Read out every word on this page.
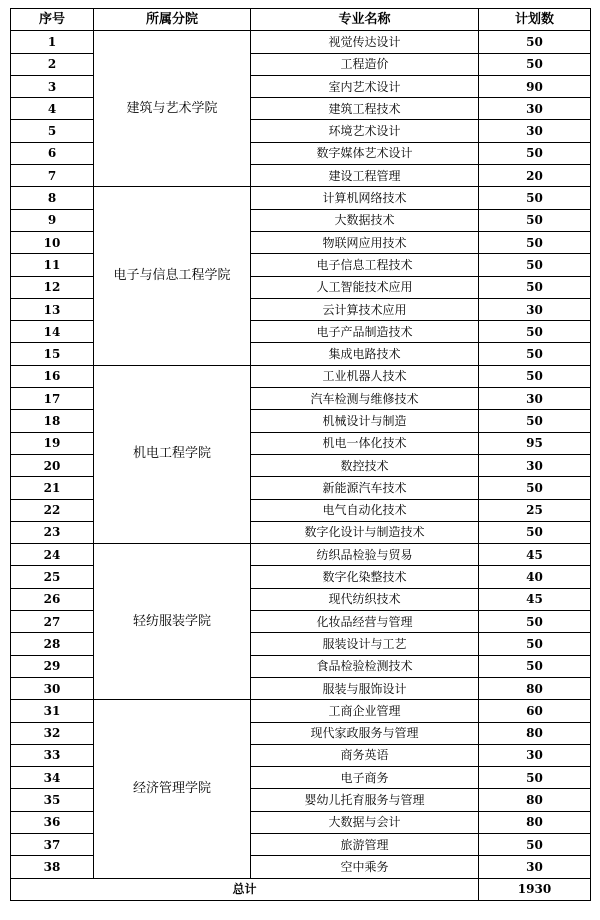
序号	所属分院	专业名称	计划数
1	建筑与艺术学院	视觉传达设计	50
2		工程造价	50
3		室内艺术设计	90
4		建筑工程技术	30
5		环境艺术设计	30
6		数字媒体艺术设计	50
7		建设工程管理	20
8	电子与信息工程学院	计算机网络技术	50
9		大数据技术	50
10		物联网应用技术	50
11		电子信息工程技术	50
12		人工智能技术应用	50
13		云计算技术应用	30
14		电子产品制造技术	50
15		集成电路技术	50
16	机电工程学院	工业机器人技术	50
17		汽车检测与维修技术	30
18		机械设计与制造	50
19		机电一体化技术	95
20		数控技术	30
21		新能源汽车技术	50
22		电气自动化技术	25
23		数字化设计与制造技术	50
24	轻纺服装学院	纺织品检验与贸易	45
25		数字化染整技术	40
26		现代纺织技术	45
27		化妆品经营与管理	50
28		服装设计与工艺	50
29		食品检验检测技术	50
30		服装与服饰设计	80
31	经济管理学院	工商企业管理	60
32		现代家政服务与管理	80
33		商务英语	30
34		电子商务	50
35		婴幼儿托育服务与管理	80
36		大数据与会计	80
37		旅游管理	50
38		空中乘务	30
总计			1930
